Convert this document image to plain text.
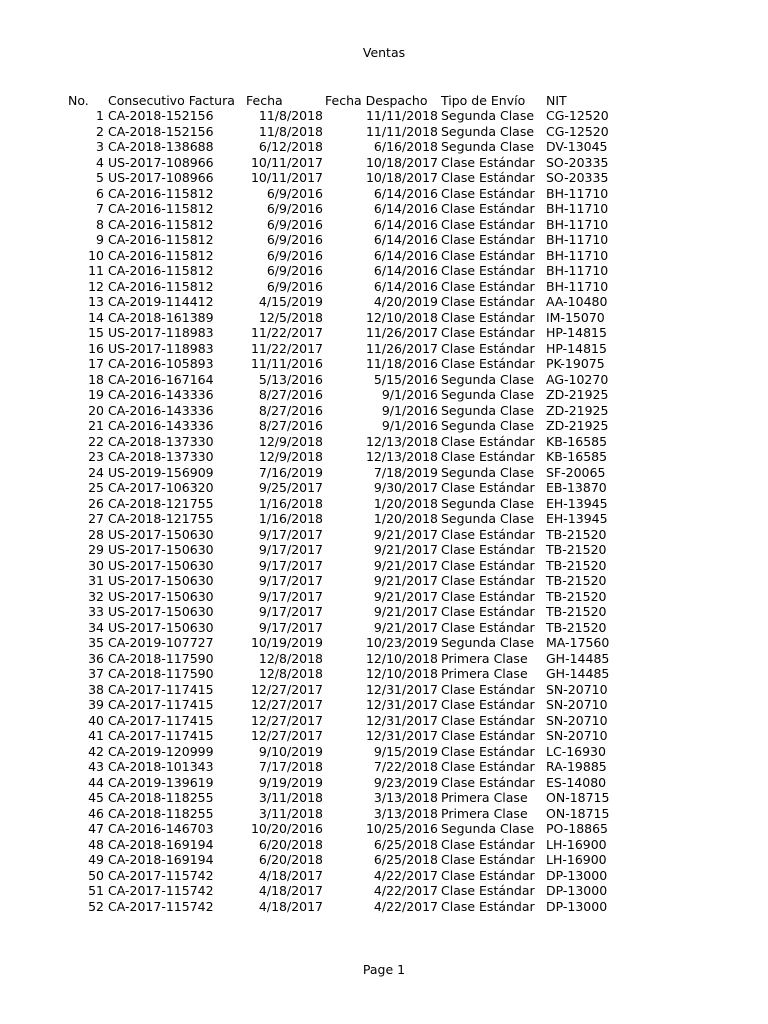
Ventas
No. Consecutivo Factura Fecha	Fecha Despacho Tipo de Envío NIT
1 CA-2018-152156	11/8/2018	11/11/2018 Segunda Clase CG-12520
2 CA-2018-152156	11/8/2018	11/11/2018 Segunda Clase CG-12520
3 CA-2018-138688	6/12/2018	6/16/2018 Segunda Clase DV-13045
4 US-2017-108966	10/11/2017	10/18/2017 Clase Estándar SO-20335
5 US-2017-108966	10/11/2017	10/18/2017 Clase Estándar SO-20335
6 CA-2016-115812	6/9/2016	6/14/2016 Clase Estándar BH-11710
7 CA-2016-115812	6/9/2016	6/14/2016 Clase Estándar BH-11710
8 CA-2016-115812	6/9/2016	6/14/2016 Clase Estándar BH-11710
9 CA-2016-115812	6/9/2016	6/14/2016 Clase Estándar BH-11710
10 CA-2016-115812	6/9/2016	6/14/2016 Clase Estándar BH-11710
11 CA-2016-115812	6/9/2016	6/14/2016 Clase Estándar BH-11710
12 CA-2016-115812	6/9/2016	6/14/2016 Clase Estándar BH-11710
13 CA-2019-114412	4/15/2019	4/20/2019 Clase Estándar AA-10480
14 CA-2018-161389	12/5/2018	12/10/2018 Clase Estándar IM-15070
15 US-2017-118983	11/22/2017	11/26/2017 Clase Estándar HP-14815
16 US-2017-118983	11/22/2017	11/26/2017 Clase Estándar HP-14815
17 CA-2016-105893	11/11/2016	11/18/2016 Clase Estándar PK-19075
18 CA-2016-167164	5/13/2016	5/15/2016 Segunda Clase AG-10270
19 CA-2016-143336	8/27/2016	9/1/2016 Segunda Clase ZD-21925
20 CA-2016-143336	8/27/2016	9/1/2016 Segunda Clase ZD-21925
21 CA-2016-143336	8/27/2016	9/1/2016 Segunda Clase ZD-21925
22 CA-2018-137330	12/9/2018	12/13/2018 Clase Estándar KB-16585
23 CA-2018-137330	12/9/2018	12/13/2018 Clase Estándar KB-16585
24 US-2019-156909	7/16/2019	7/18/2019 Segunda Clase SF-20065
25 CA-2017-106320	9/25/2017	9/30/2017 Clase Estándar EB-13870
26 CA-2018-121755	1/16/2018	1/20/2018 Segunda Clase EH-13945
27 CA-2018-121755	1/16/2018	1/20/2018 Segunda Clase EH-13945
28 US-2017-150630	9/17/2017	9/21/2017 Clase Estándar TB-21520
29 US-2017-150630	9/17/2017	9/21/2017 Clase Estándar TB-21520
30 US-2017-150630	9/17/2017	9/21/2017 Clase Estándar TB-21520
31 US-2017-150630	9/17/2017	9/21/2017 Clase Estándar TB-21520
32 US-2017-150630	9/17/2017	9/21/2017 Clase Estándar TB-21520
33 US-2017-150630	9/17/2017	9/21/2017 Clase Estándar TB-21520
34 US-2017-150630	9/17/2017	9/21/2017 Clase Estándar TB-21520
35 CA-2019-107727	10/19/2019	10/23/2019 Segunda Clase MA-17560
36 CA-2018-117590	12/8/2018	12/10/2018 Primera Clase GH-14485
37 CA-2018-117590	12/8/2018	12/10/2018 Primera Clase GH-14485
38 CA-2017-117415	12/27/2017	12/31/2017 Clase Estándar SN-20710
39 CA-2017-117415	12/27/2017	12/31/2017 Clase Estándar SN-20710
40 CA-2017-117415	12/27/2017	12/31/2017 Clase Estándar SN-20710
41 CA-2017-117415	12/27/2017	12/31/2017 Clase Estándar SN-20710
42 CA-2019-120999	9/10/2019	9/15/2019 Clase Estándar LC-16930
43 CA-2018-101343	7/17/2018	7/22/2018 Clase Estándar RA-19885
44 CA-2019-139619	9/19/2019	9/23/2019 Clase Estándar ES-14080
45 CA-2018-118255	3/11/2018	3/13/2018 Primera Clase ON-18715
46 CA-2018-118255	3/11/2018	3/13/2018 Primera Clase ON-18715
47 CA-2016-146703	10/20/2016	10/25/2016 Segunda Clase PO-18865
48 CA-2018-169194	6/20/2018	6/25/2018 Clase Estándar LH-16900
49 CA-2018-169194	6/20/2018	6/25/2018 Clase Estándar LH-16900
50 CA-2017-115742	4/18/2017	4/22/2017 Clase Estándar DP-13000
51 CA-2017-115742	4/18/2017	4/22/2017 Clase Estándar DP-13000
52 CA-2017-115742	4/18/2017	4/22/2017 Clase Estándar DP-13000
Page 1
